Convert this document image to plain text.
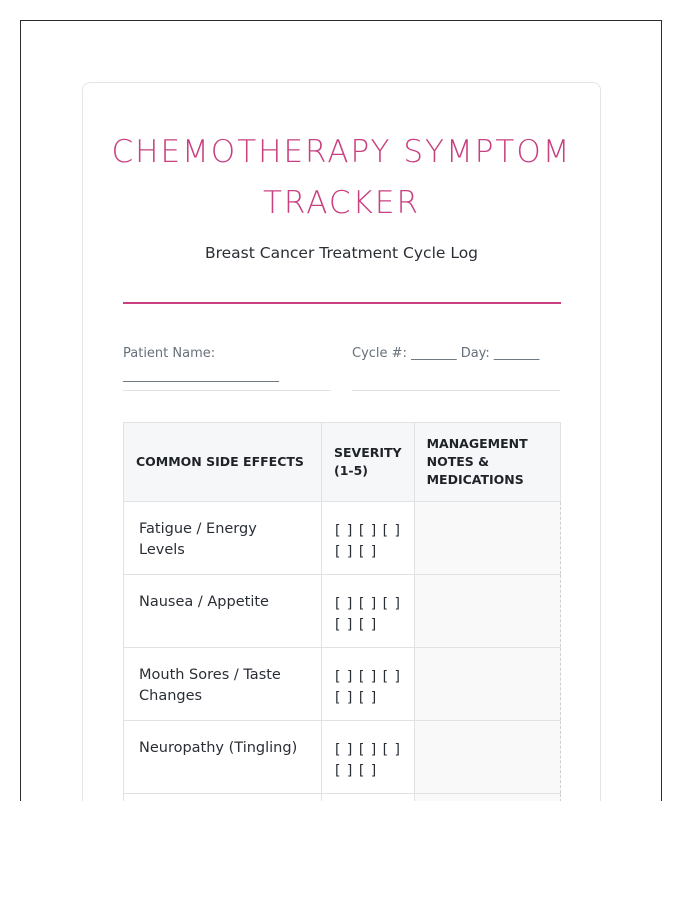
CHEMOTHERAPY SYMPTOM TRACKER
Breast Cancer Treatment Cycle Log
Patient Name:
________________________
Cycle #: _______ Day: _______
COMMON SIDE EFFECTS	SEVERITY (1-5)	MANAGEMENT NOTES & MEDICATIONS

Fatigue / Energy Levels	[ ] [ ] [ ] [ ] [ ]	

Nausea / Appetite	[ ] [ ] [ ] [ ] [ ]	

Mouth Sores / Taste Changes	[ ] [ ] [ ] [ ] [ ]	

Neuropathy (Tingling)	[ ] [ ] [ ] [ ] [ ]	
